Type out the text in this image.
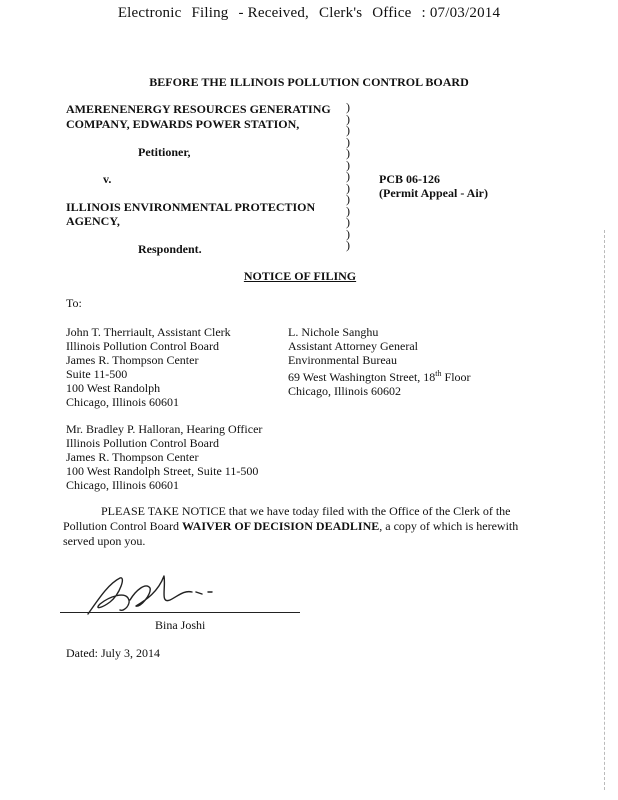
Electronic Filing - Received, Clerk's Office : 07/03/2014
BEFORE THE ILLINOIS POLLUTION CONTROL BOARD
AMERENENERGY RESOURCES GENERATING
COMPANY, EDWARDS POWER STATION,
Petitioner,
v.
ILLINOIS ENVIRONMENTAL PROTECTION
AGENCY,
Respondent.
PCB 06-126
(Permit Appeal - Air)
)
)
)
)
)
)
)
)
)
)
)
)
)
NOTICE OF FILING
To:
John T. Therriault, Assistant Clerk
Illinois Pollution Control Board
James R. Thompson Center
Suite 11-500
100 West Randolph
Chicago, Illinois 60601
L. Nichole Sanghu
Assistant Attorney General
Environmental Bureau
69 West Washington Street, 18th Floor
Chicago, Illinois 60602
Mr. Bradley P. Halloran, Hearing Officer
Illinois Pollution Control Board
James R. Thompson Center
100 West Randolph Street, Suite 11-500
Chicago, Illinois 60601
PLEASE TAKE NOTICE that we have today filed with the Office of the Clerk of the Pollution Control Board WAIVER OF DECISION DEADLINE, a copy of which is herewith served upon you.
Bina Joshi
Dated: July 3, 2014
